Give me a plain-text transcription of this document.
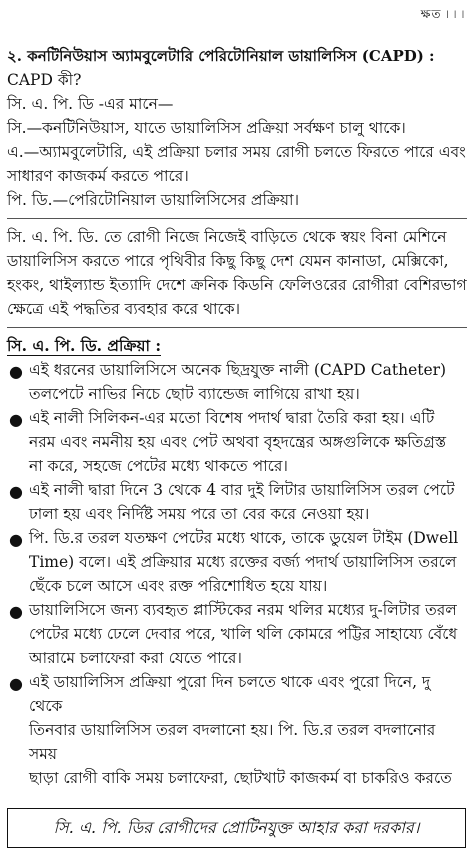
ক্ষত ৷ ৷ ৷

২. কনটিনিউয়াস অ্যামবুলেটারি পেরিটোনিয়াল ডায়ালিসিস (CAPD) :

CAPD কী?

সি. এ. পি. ডি -এর মানে—

সি.—কনটিনিউয়াস, যাতে ডায়ালিসিস প্রক্রিয়া সর্বক্ষণ চালু থাকে।

এ.—অ্যামবুলেটারি, এই প্রক্রিয়া চলার সময় রোগী চলতে ফিরতে পারে এবং

সাধারণ কাজকর্ম করতে পারে।

পি. ডি.—পেরিটোনিয়াল ডায়ালিসিসের প্রক্রিয়া।

সি. এ. পি. ডি. তে রোগী নিজে নিজেই বাড়িতে থেকে স্বয়ং বিনা মেশিনে

ডায়ালিসিস করতে পারে পৃথিবীর কিছু কিছু দেশ যেমন কানাডা, মেক্সিকো,

হংকং, থাইল্যান্ড ইত্যাদি দেশে ক্রনিক কিডনি ফেলিওরের রোগীরা বেশিরভাগ

ক্ষেত্রে এই পদ্ধতির ব্যবহার করে থাকে।

সি. এ. পি. ডি. প্রক্রিয়া :

● এই ধরনের ডায়ালিসিসে অনেক ছিদ্রযুক্ত নালী (CAPD Catheter)
তলপেটে নাভির নিচে ছোট ব্যান্ডেজ লাগিয়ে রাখা হয়।
● এই নালী সিলিকন-এর মতো বিশেষ পদার্থ দ্বারা তৈরি করা হয়। এটি
নরম এবং নমনীয় হয় এবং পেট অথবা বৃহদন্ত্রের অঙ্গগুলিকে ক্ষতিগ্রস্ত
না করে, সহজে পেটের মধ্যে থাকতে পারে।
● এই নালী দ্বারা দিনে 3 থেকে 4 বার দুই লিটার ডায়ালিসিস তরল পেটে
ঢালা হয় এবং নির্দিষ্ট সময় পরে তা বের করে নেওয়া হয়।
● পি. ডি.র তরল যতক্ষণ পেটের মধ্যে থাকে, তাকে ডুয়েল টাইম (Dwell
Time) বলে। এই প্রক্রিয়ার মধ্যে রক্তের বর্জ্য পদার্থ ডায়ালিসিস তরলে
ছেঁকে চলে আসে এবং রক্ত পরিশোধিত হয়ে যায়।
● ডায়ালিসিসে জন্য ব্যবহৃত প্লাস্টিকের নরম থলির মধ্যের দু-লিটার তরল
পেটের মধ্যে ঢেলে দেবার পরে, খালি থলি কোমরে পট্টির সাহায্যে বেঁধে
আরামে চলাফেরা করা যেতে পারে।
● এই ডায়ালিসিস প্রক্রিয়া পুরো দিন চলতে থাকে এবং পুরো দিনে, দু থেকে
তিনবার ডায়ালিসিস তরল বদলানো হয়। পি. ডি.র তরল বদলানোর সময়
ছাড়া রোগী বাকি সময় চলাফেরা, ছোটখাট কাজকর্ম বা চাকরিও করতে
সি. এ. পি. ডির রোগীদের প্রোটিনযুক্ত আহার করা দরকার।
